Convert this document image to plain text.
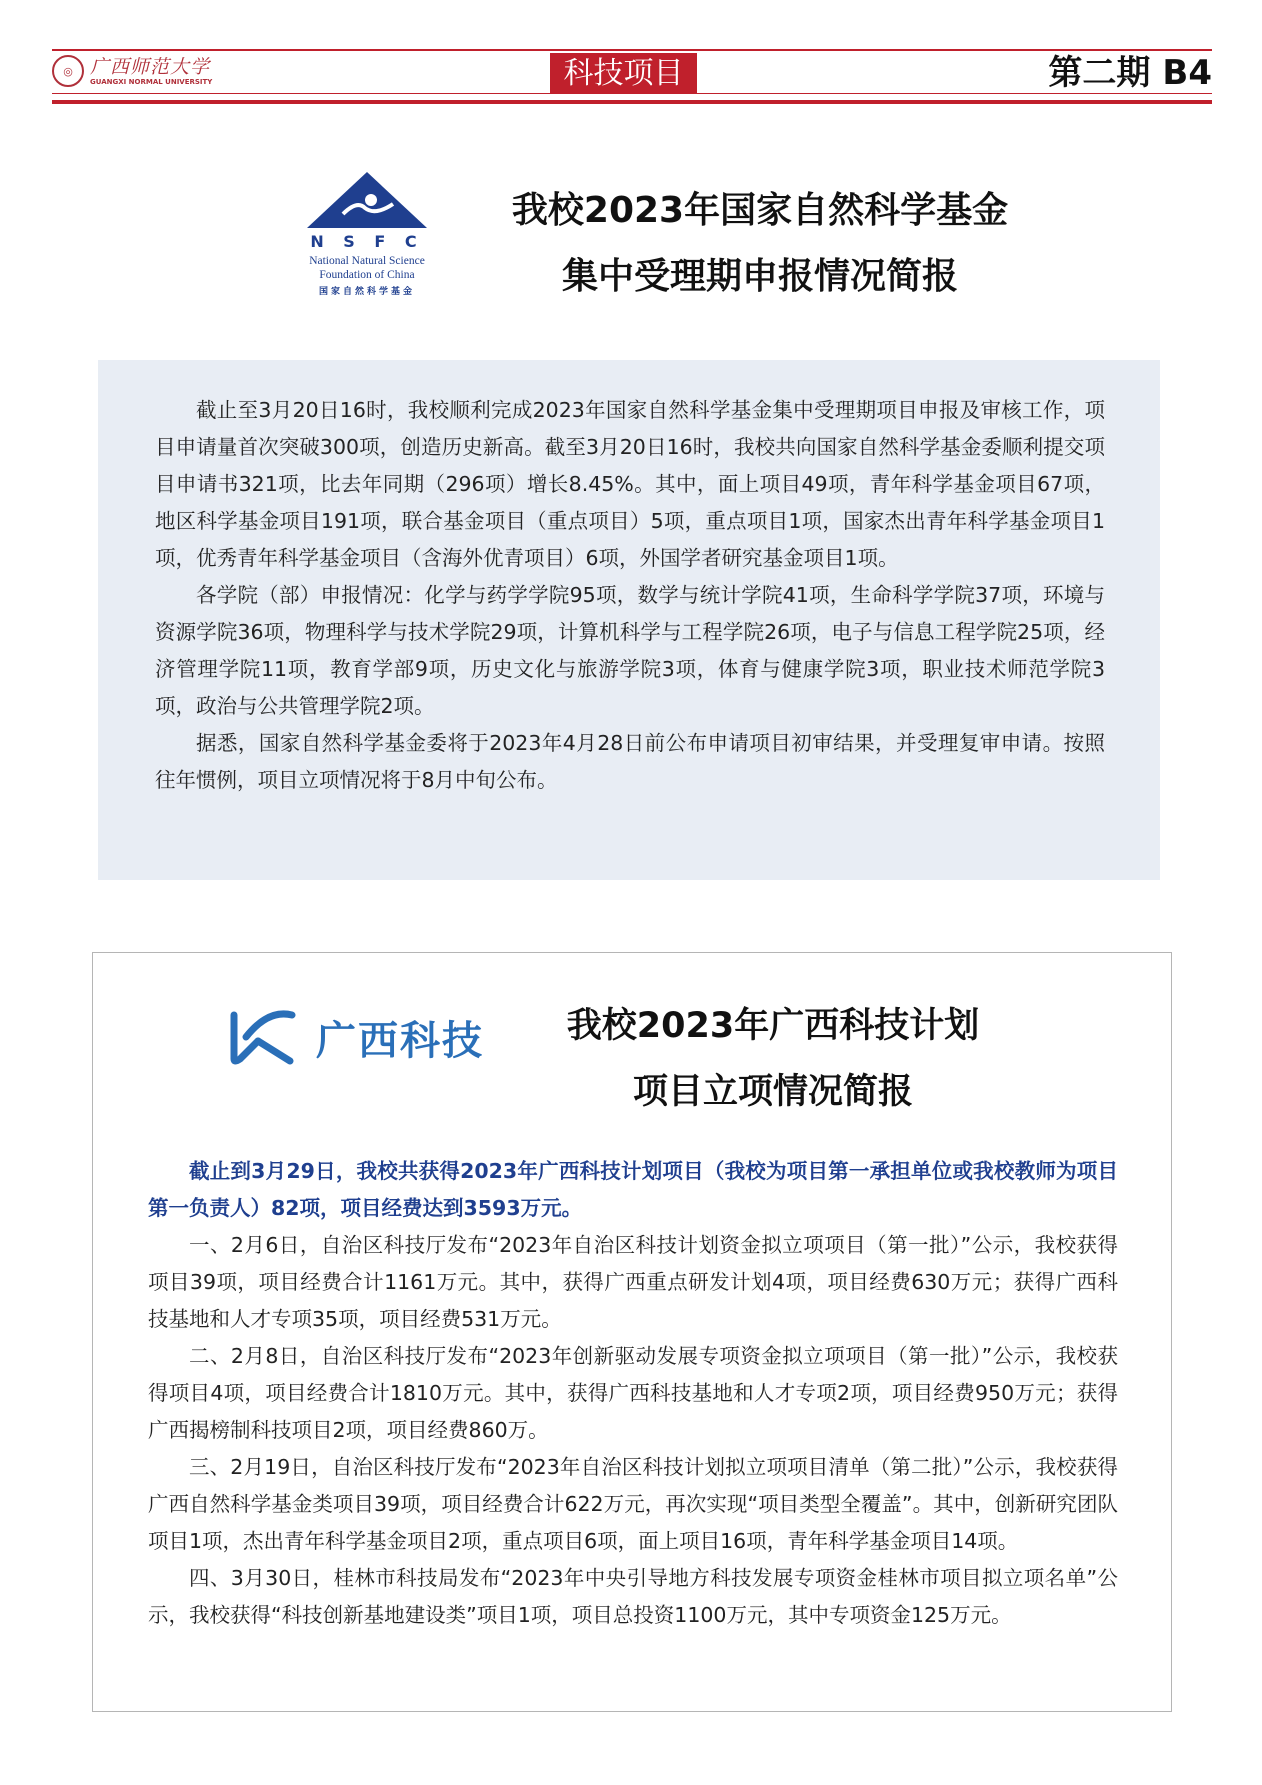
◎ 广西师范大学
GUANGXI NORMAL UNIVERSITY	科技项目	第二期 B4
N S F C
National Natural Science
Foundation of China
国家自然科学基金
我校2023年国家自然科学基金
集中受理期申报情况简报

截止至3月20日16时，我校顺利完成2023年国家自然科学基金集中受理期项目申报及审核工作，项目申请量首次突破300项，创造历史新高。截至3月20日16时，我校共向国家自然科学基金委顺利提交项目申请书321项，比去年同期（296项）增长8.45%。其中，面上项目49项，青年科学基金项目67项，地区科学基金项目191项，联合基金项目（重点项目）5项，重点项目1项，国家杰出青年科学基金项目1项，优秀青年科学基金项目（含海外优青项目）6项，外国学者研究基金项目1项。

各学院（部）申报情况：化学与药学学院95项，数学与统计学院41项，生命科学学院37项，环境与资源学院36项，物理科学与技术学院29项，计算机科学与工程学院26项，电子与信息工程学院25项，经济管理学院11项，教育学部9项，历史文化与旅游学院3项，体育与健康学院3项，职业技术师范学院3项，政治与公共管理学院2项。

据悉，国家自然科学基金委将于2023年4月28日前公布申请项目初审结果，并受理复审申请。按照往年惯例，项目立项情况将于8月中旬公布。

广西科技	我校2023年广西科技计划
项目立项情况简报

截止到3月29日，我校共获得2023年广西科技计划项目（我校为项目第一承担单位或我校教师为项目第一负责人）82项，项目经费达到3593万元。

一、2月6日，自治区科技厅发布“2023年自治区科技计划资金拟立项项目（第一批）”公示，我校获得项目39项，项目经费合计1161万元。其中，获得广西重点研发计划4项，项目经费630万元；获得广西科技基地和人才专项35项，项目经费531万元。

二、2月8日，自治区科技厅发布“2023年创新驱动发展专项资金拟立项项目（第一批）”公示，我校获得项目4项，项目经费合计1810万元。其中，获得广西科技基地和人才专项2项，项目经费950万元；获得广西揭榜制科技项目2项，项目经费860万。

三、2月19日，自治区科技厅发布“2023年自治区科技计划拟立项项目清单（第二批）”公示，我校获得广西自然科学基金类项目39项，项目经费合计622万元，再次实现“项目类型全覆盖”。其中，创新研究团队项目1项，杰出青年科学基金项目2项，重点项目6项，面上项目16项，青年科学基金项目14项。

四、3月30日，桂林市科技局发布“2023年中央引导地方科技发展专项资金桂林市项目拟立项名单”公示，我校获得“科技创新基地建设类”项目1项，项目总投资1100万元，其中专项资金125万元。
